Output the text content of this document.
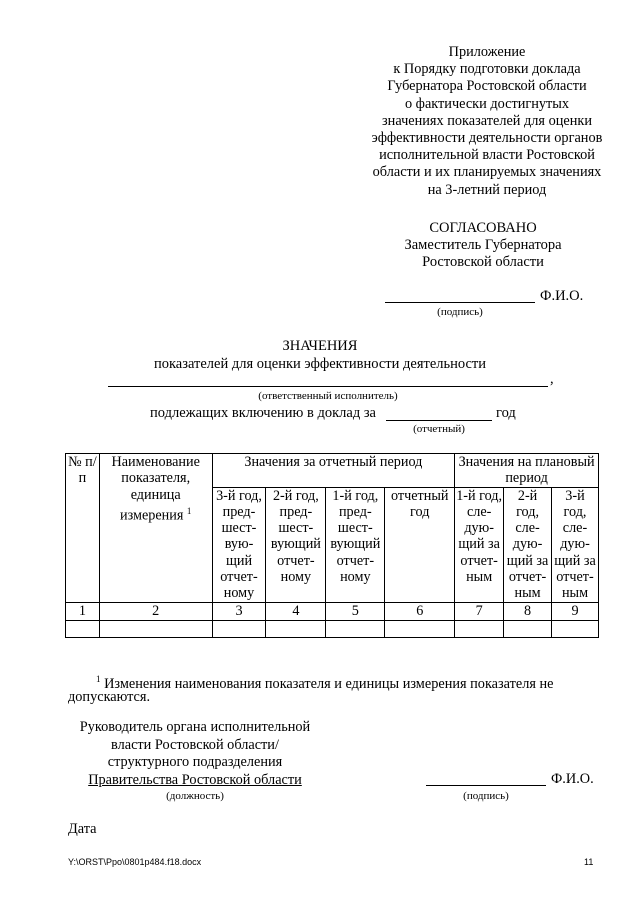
Приложение
к Порядку подготовки доклада
Губернатора Ростовской области
о фактически достигнутых
значениях показателей для оценки
эффективности деятельности органов
исполнительной власти Ростовской
области и их планируемых значениях
на 3-летний период
СОГЛАСОВАНО
Заместитель Губернатора
Ростовской области
Ф.И.О.
(подпись)
ЗНАЧЕНИЯ
показателей для оценки эффективности деятельности
,
(ответственный исполнитель)
подлежащих включению в доклад за	год
(отчетный)
№ п/п	Наименование показателя, единица измерения $^1$	Значения за отчетный период				Значения на плановый период		
		3-й год, пред-шест-вую-щий отчет-ному	2-й год, пред-шест-вующий отчет-ному	1-й год, пред-шест-вующий отчет-ному	отчетный год	1-й год, сле-дую-щий за отчет-ным	2-й год, сле-дую-щий за отчет-ным	3-й год, сле-дую-щий за отчет-ным
1	2	3	4	5	6	7	8	9

$^1$ Изменения наименования показателя и единицы измерения показателя не
допускаются.
Руководитель органа исполнительной
власти Ростовской области/
структурного подразделения
Правительства Ростовской области
(должность)
Ф.И.О.
(подпись)
Дата
Y:\ORST\Ppo\0801p484.f18.docx	11
